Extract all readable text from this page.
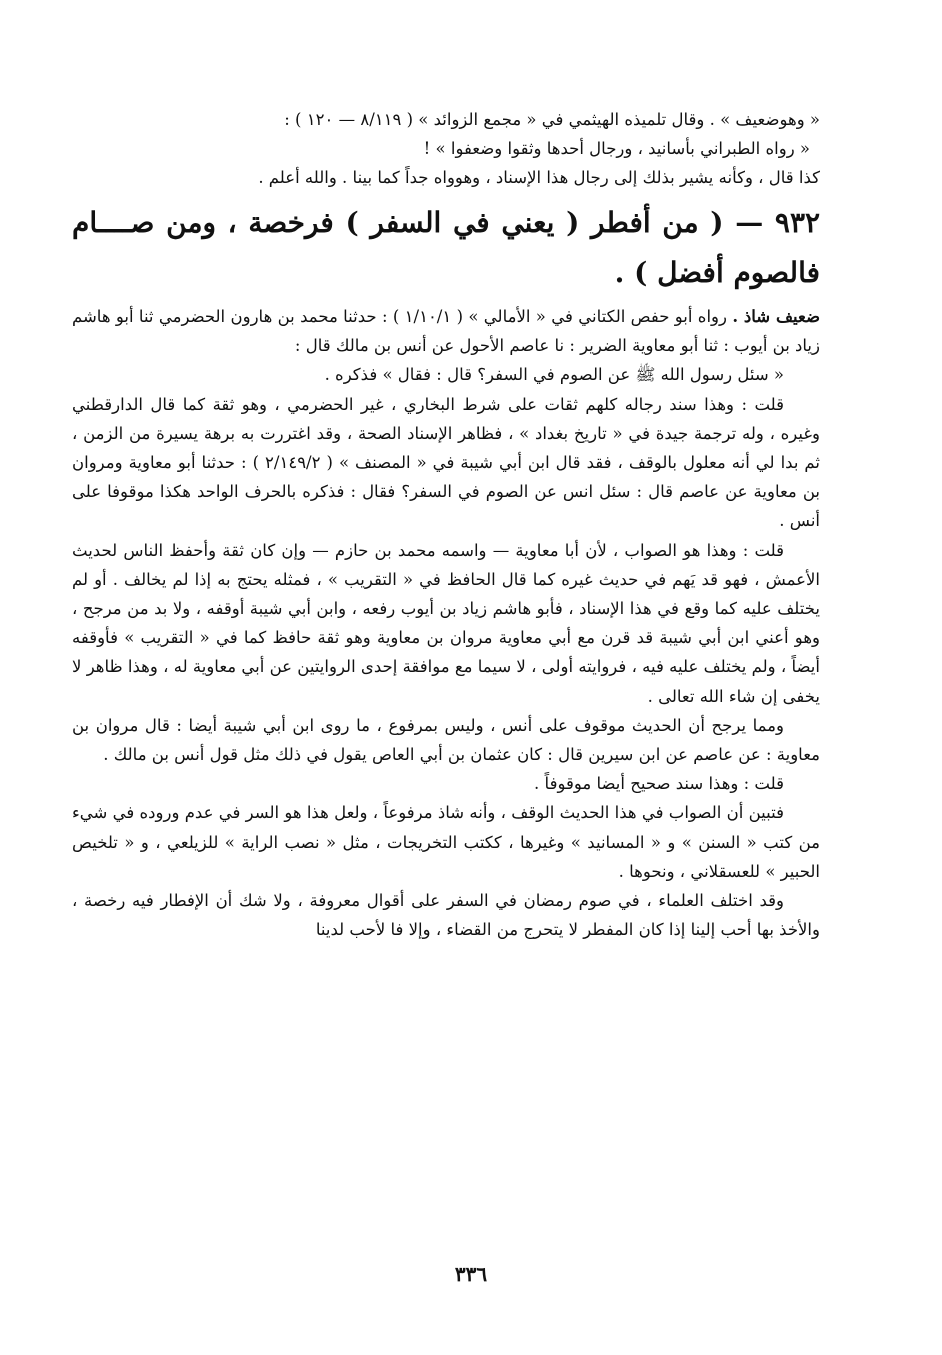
« وهوضعيف » . وقال تلميذه الهيثمي في « مجمع الزوائد » ( ٨/١١٩ — ١٢٠ ) :
« رواه الطبراني بأسانيد ، ورجال أحدها وثقوا وضعفوا » !
كذا قال ، وكأنه يشير بذلك إلى رجال هذا الإسناد ، وهوواه جداً كما بينا . والله أعلم .
٩٣٢ — ( من أفطر ( يعني في السفر ) فرخصة ، ومن صــــام فالصوم أفضل ) .
ضعيف شاذ . رواه أبو حفص الكتاني في « الأمالي » ( ١/١٠/١ ) : حدثنا محمد بن هارون الحضرمي ثنا أبو هاشم زياد بن أيوب : ثنا أبو معاوية الضرير : نا عاصم الأحول عن أنس بن مالك قال :
« سئل رسول الله ﷺ عن الصوم في السفر؟ قال : فقال » فذكره .
قلت : وهذا سند رجاله كلهم ثقات على شرط البخاري ، غير الحضرمي ، وهو ثقة كما قال الدارقطني وغيره ، وله ترجمة جيدة في « تاريخ بغداد » ، فظاهر الإسناد الصحة ، وقد اغتررت به برهة يسيرة من الزمن ، ثم بدا لي أنه معلول بالوقف ، فقد قال ابن أبي شيبة في « المصنف » ( ٢/١٤٩/٢ ) : حدثنا أبو معاوية ومروان بن معاوية عن عاصم قال : سئل انس عن الصوم في السفر؟ فقال : فذكره بالحرف الواحد هكذا موقوفا على أنس .
قلت : وهذا هو الصواب ، لأن أبا معاوية — واسمه محمد بن حازم — وإن كان ثقة وأحفظ الناس لحديث الأعمش ، فهو قد يَهم في حديث غيره كما قال الحافظ في « التقريب » ، فمثله يحتج به إذا لم يخالف . أو لم يختلف عليه كما وقع في هذا الإسناد ، فأبو هاشم زياد بن أيوب رفعه ، وابن أبي شيبة أوقفه ، ولا بد من مرجح ، وهو أعني ابن أبي شيبة قد قرن مع أبي معاوية مروان بن معاوية وهو ثقة حافظ كما في « التقريب » فأوقفه أيضاً ، ولم يختلف عليه فيه ، فروايته أولى ، لا سيما مع موافقة إحدى الروايتين عن أبي معاوية له ، وهذا ظاهر لا يخفى إن شاء الله تعالى .
ومما يرجح أن الحديث موقوف على أنس ، وليس بمرفوع ، ما روى ابن أبي شيبة أيضا : قال مروان بن معاوية : عن عاصم عن ابن سيرين قال : كان عثمان بن أبي العاص يقول في ذلك مثل قول أنس بن مالك .
قلت : وهذا سند صحيح أيضا موقوفاً .
فتبين أن الصواب في هذا الحديث الوقف ، وأنه شاذ مرفوعاً ، ولعل هذا هو السر في عدم وروده في شيء من كتب « السنن » و « المسانيد » وغيرها ، ككتب التخريجات ، مثل « نصب الراية » للزيلعي ، و « تلخيص الحبير » للعسقلاني ، ونحوها .
وقد اختلف العلماء ، في صوم رمضان في السفر على أقوال معروفة ، ولا شك أن الإفطار فيه رخصة ، والأخذ بها أحب إلينا إذا كان المفطر لا يتحرج من القضاء ، وإلا فا لأحب لدينا
٣٣٦
